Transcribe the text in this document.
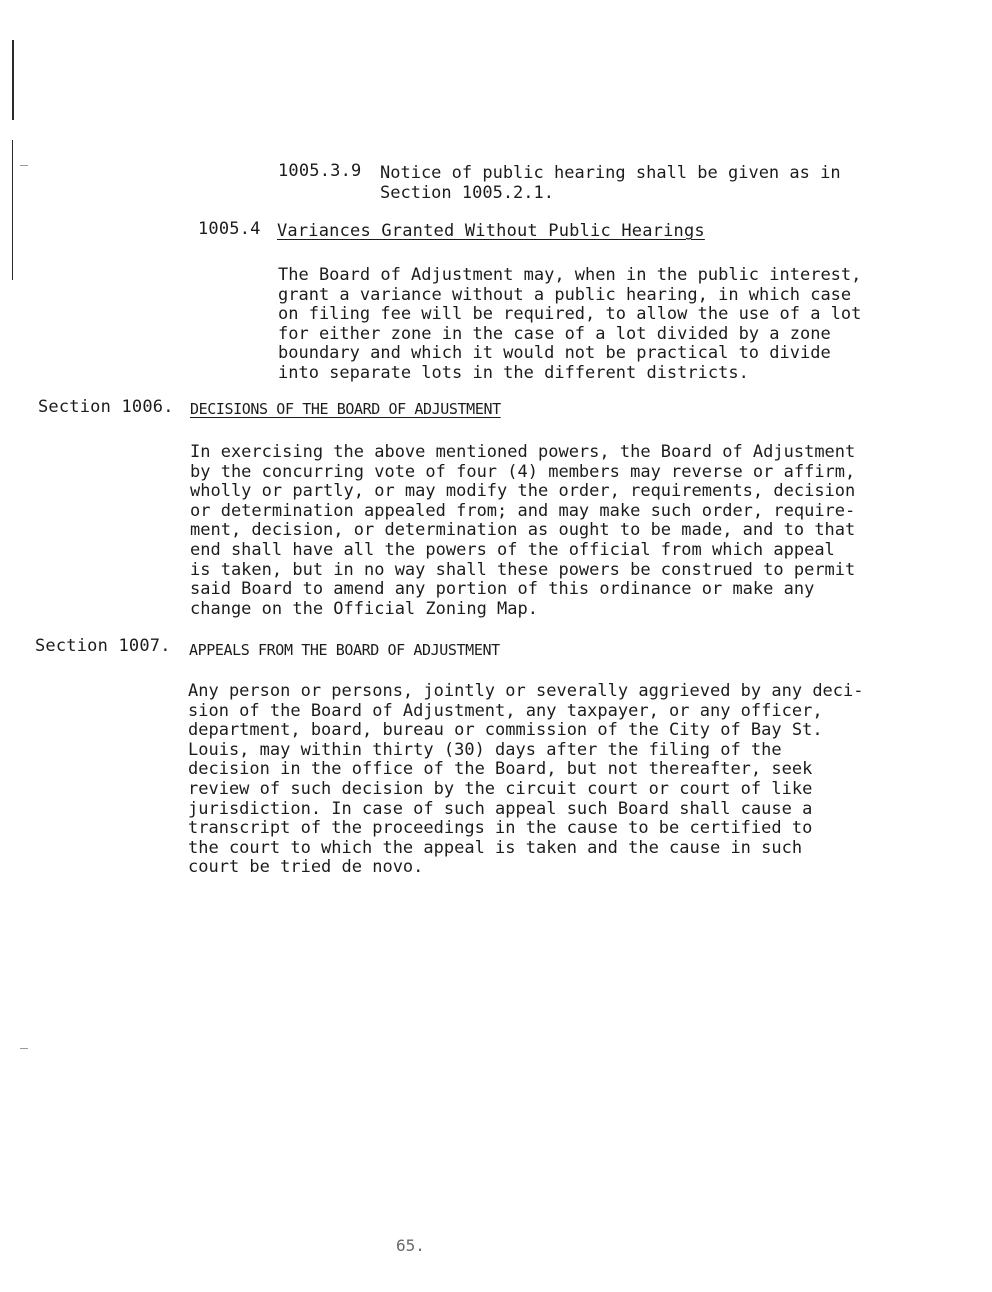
1005.3.9 Notice of public hearing shall be given as in
Section 1005.2.1.
1005.4 Variances Granted Without Public Hearings
The Board of Adjustment may, when in the public interest,
grant a variance without a public hearing, in which case
on filing fee will be required, to allow the use of a lot
for either zone in the case of a lot divided by a zone
boundary and which it would not be practical to divide
into separate lots in the different districts.
Section 1006. DECISIONS OF THE BOARD OF ADJUSTMENT
In exercising the above mentioned powers, the Board of Adjustment
by the concurring vote of four (4) members may reverse or affirm,
wholly or partly, or may modify the order, requirements, decision
or determination appealed from; and may make such order, require-
ment, decision, or determination as ought to be made, and to that
end shall have all the powers of the official from which appeal
is taken, but in no way shall these powers be construed to permit
said Board to amend any portion of this ordinance or make any
change on the Official Zoning Map.
Section 1007. APPEALS FROM THE BOARD OF ADJUSTMENT
Any person or persons, jointly or severally aggrieved by any deci-
sion of the Board of Adjustment, any taxpayer, or any officer,
department, board, bureau or commission of the City of Bay St.
Louis, may within thirty (30) days after the filing of the
decision in the office of the Board, but not thereafter, seek
review of such decision by the circuit court or court of like
jurisdiction. In case of such appeal such Board shall cause a
transcript of the proceedings in the cause to be certified to
the court to which the appeal is taken and the cause in such
court be tried de novo.
65.
